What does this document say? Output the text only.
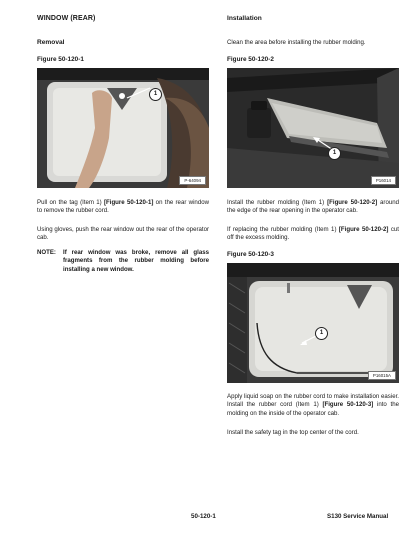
WINDOW (REAR)
Removal
Figure 50-120-1
1
P-64094
Pull on the tag (Item 1) [Figure 50-120-1] on the rear window to remove the rubber cord.
Using gloves, push the rear window out the rear of the operator cab.
NOTE: If rear window was broke, remove all glass fragments from the rubber molding before installing a new window.
Installation
Clean the area before installing the rubber molding.
Figure 50-120-2
1
P16014
Install the rubber molding (Item 1) [Figure 50-120-2] around the edge of the rear opening in the operator cab.
If replacing the rubber molding (Item 1) [Figure 50-120-2] cut off the excess molding.
Figure 50-120-3
1
P16015A
Apply liquid soap on the rubber cord to make installation easier. Install the rubber cord (Item 1) [Figure 50-120-3] into the molding on the inside of the operator cab.
Install the safety tag in the top center of the cord.
50-120-1	S130 Service Manual
